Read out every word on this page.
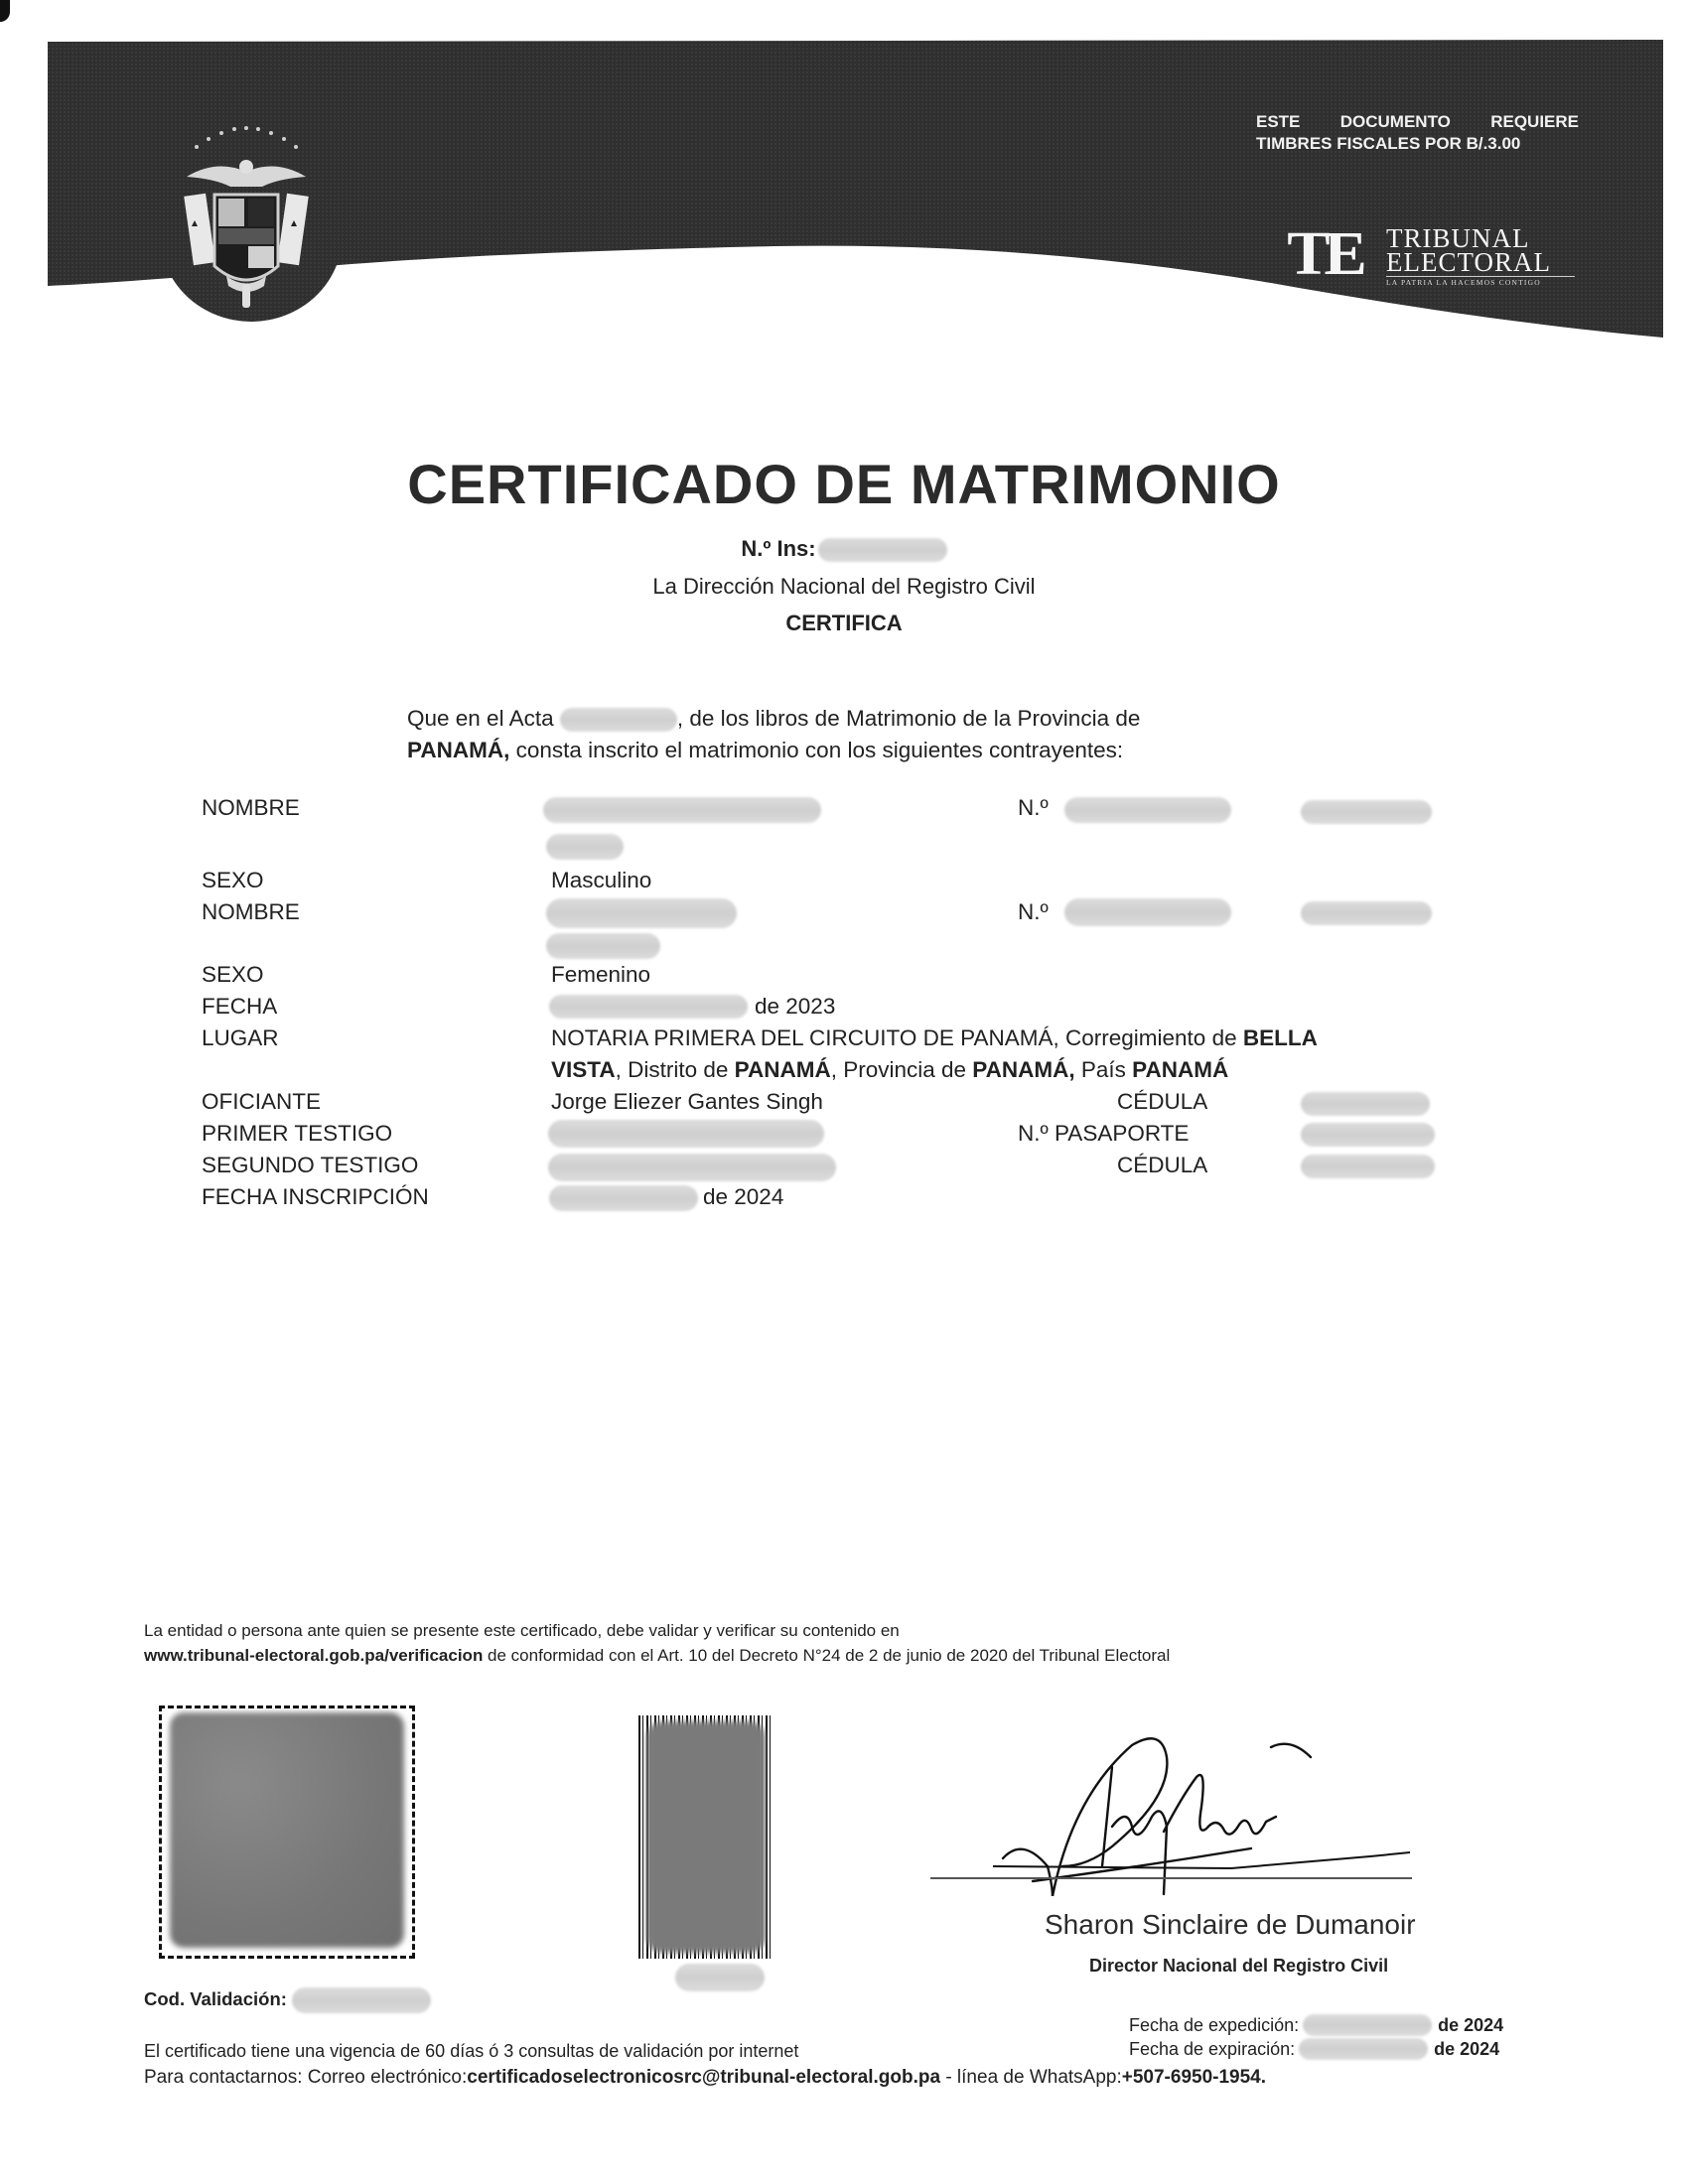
ESTE DOCUMENTO REQUIERE
TIMBRES FISCALES POR B/.3.00
TE TRIBUNAL
ELECTORAL
LA PATRIA LA HACEMOS CONTIGO
CERTIFICADO DE MATRIMONIO
N.º Ins:
La Dirección Nacional del Registro Civil
CERTIFICA
Que en el Acta	, de los libros de Matrimonio de la Provincia de
PANAMÁ, consta inscrito el matrimonio con los siguientes contrayentes:
NOMBRE	N.º
SEXO	Masculino
NOMBRE	N.º
SEXO	Femenino
FECHA	de 2023
LUGAR	NOTARIA PRIMERA DEL CIRCUITO DE PANAMÁ, Corregimiento de BELLA
VISTA, Distrito de PANAMÁ, Provincia de PANAMÁ, País PANAMÁ
OFICIANTE	Jorge Eliezer Gantes Singh	CÉDULA
PRIMER TESTIGO	N.º PASAPORTE
SEGUNDO TESTIGO	CÉDULA
FECHA INSCRIPCIÓN	de 2024
La entidad o persona ante quien se presente este certificado, debe validar y verificar su contenido en
www.tribunal-electoral.gob.pa/verificacion de conformidad con el Art. 10 del Decreto N°24 de 2 de junio de 2020 del Tribunal Electoral
Cod. Validación:
Sharon Sinclaire de Dumanoir
Director Nacional del Registro Civil
Fecha de expedición:	de 2024
Fecha de expiración:	de 2024
El certificado tiene una vigencia de 60 días ó 3 consultas de validación por internet
Para contactarnos: Correo electrónico:certificadoselectronicosrc@tribunal-electoral.gob.pa - línea de WhatsApp:+507-6950-1954.
